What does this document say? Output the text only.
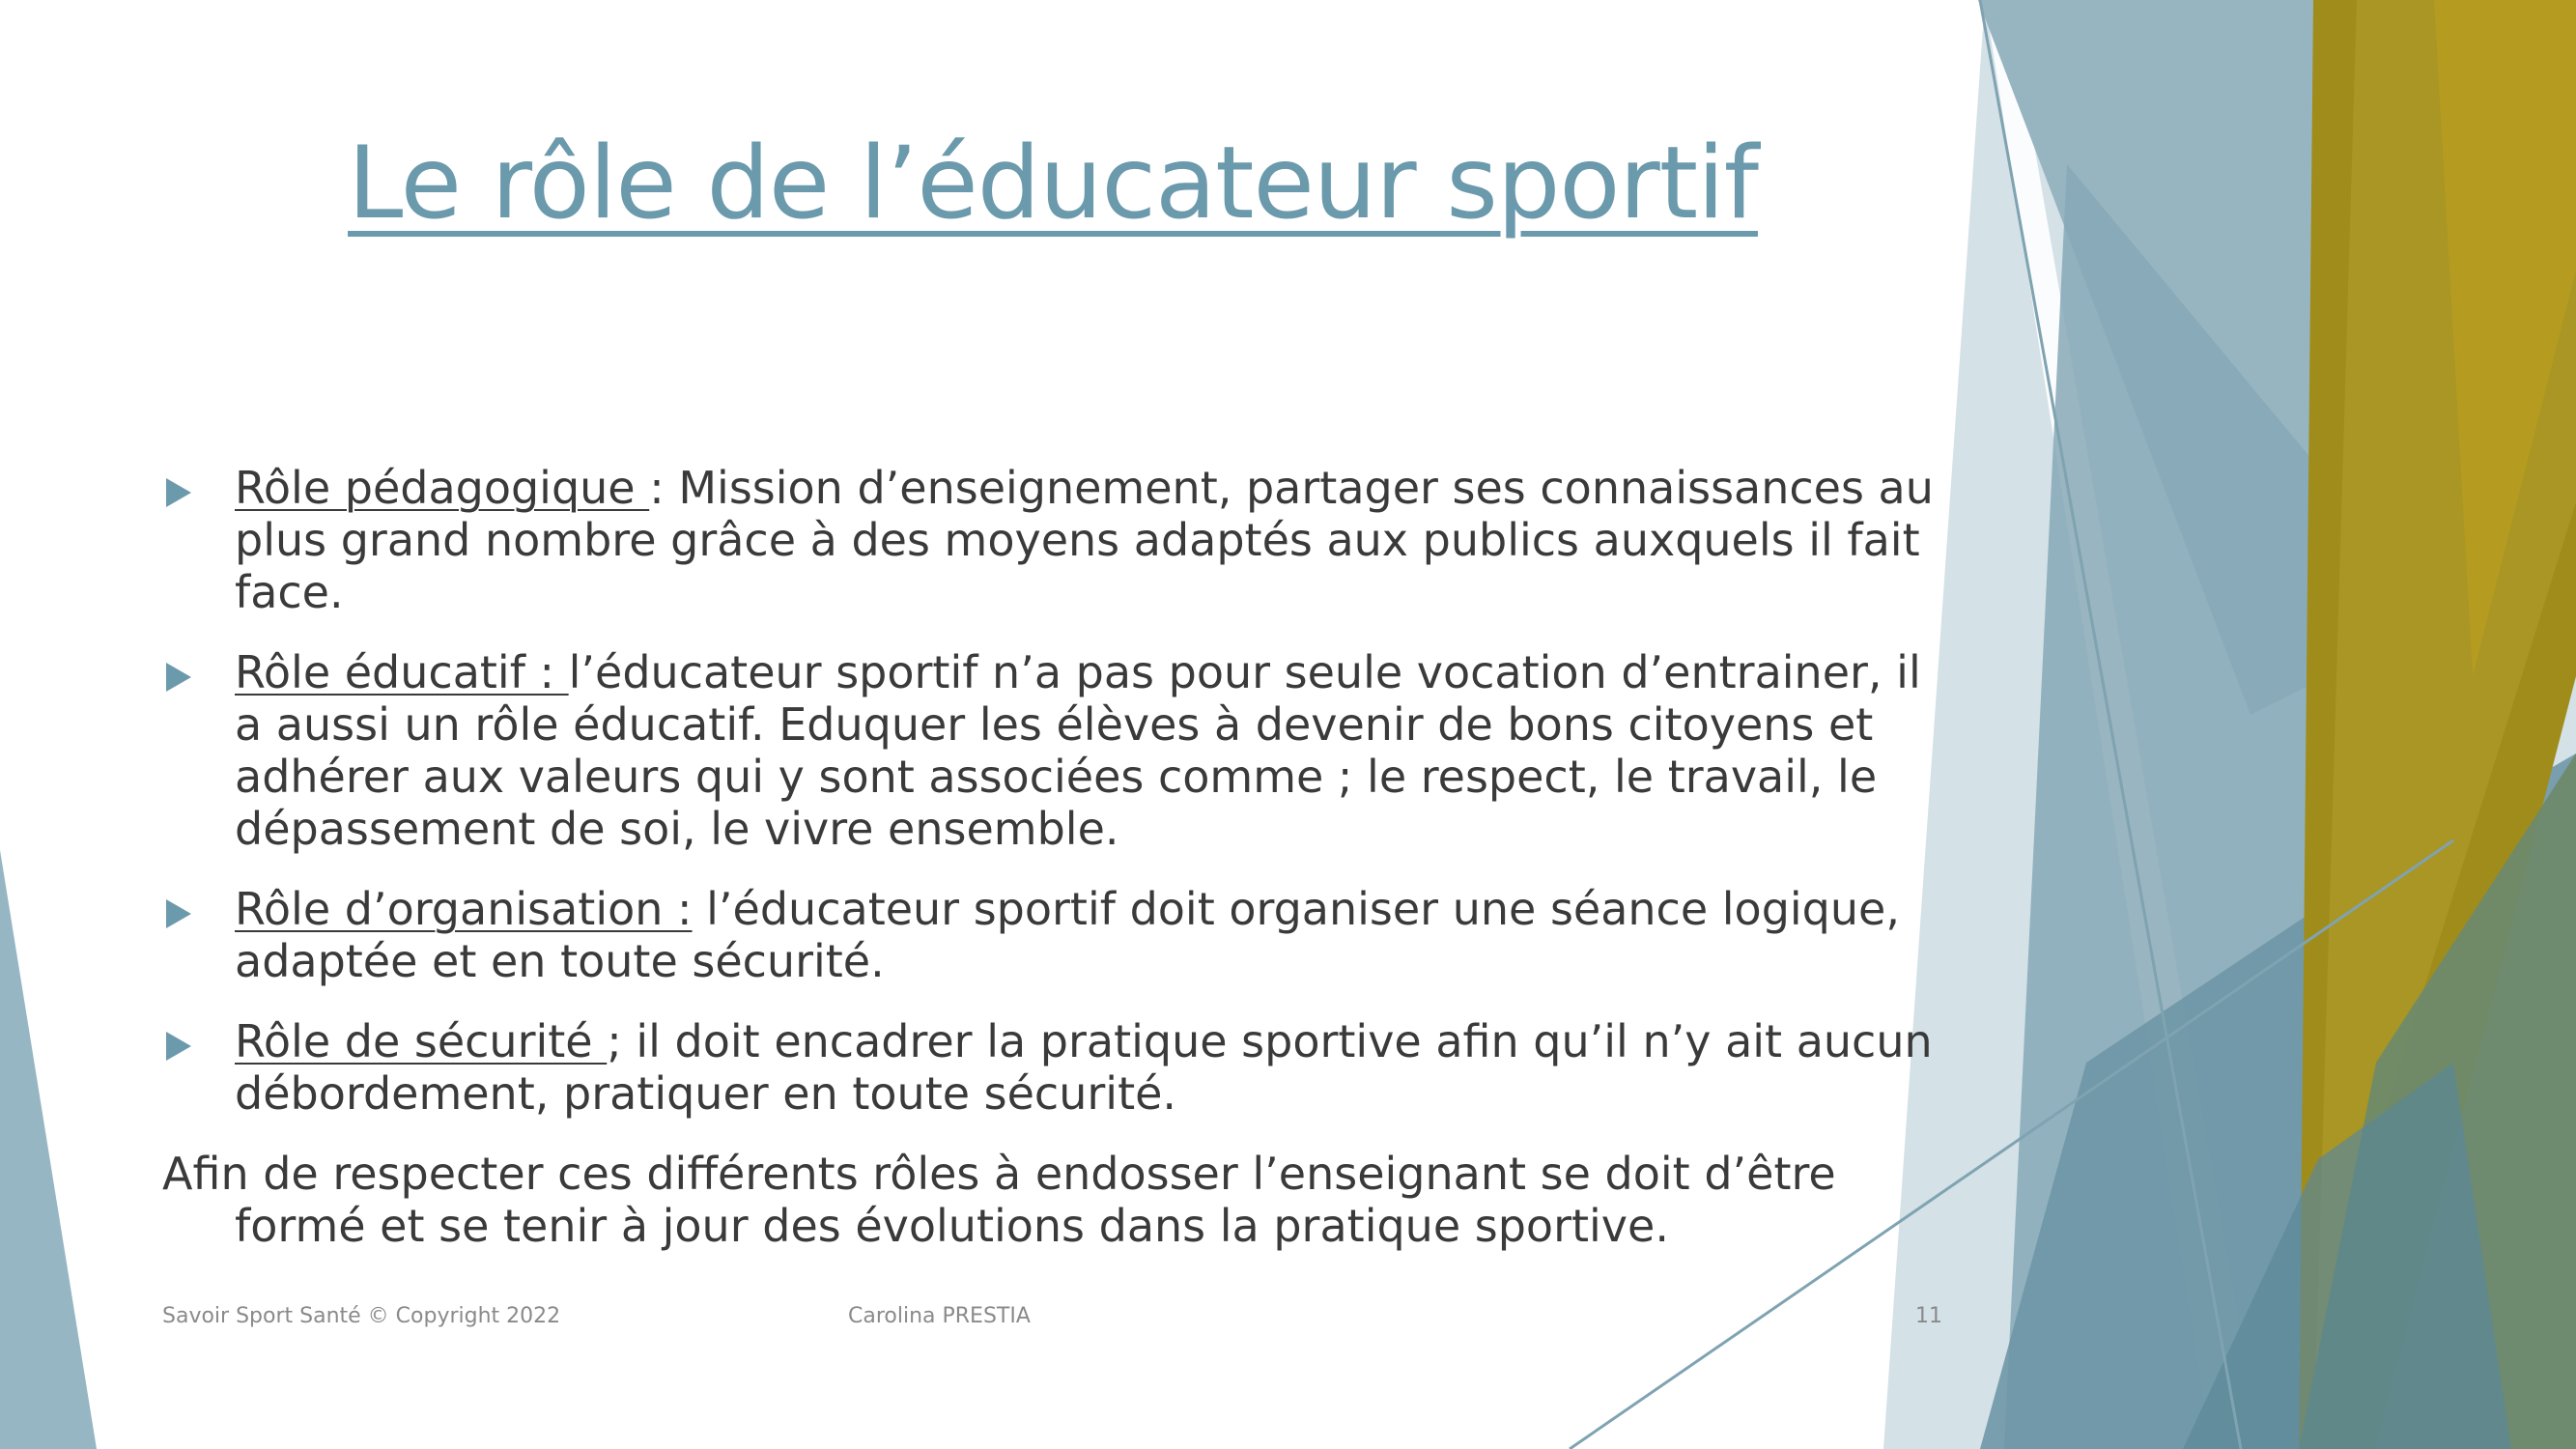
Le rôle de l’éducateur sportif
Rôle pédagogique : Mission d’enseignement, partager ses connaissances au plus grand nombre grâce à des moyens adaptés aux publics auxquels il fait face.
Rôle éducatif : l’éducateur sportif n’a pas pour seule vocation d’entrainer, il a aussi un rôle éducatif. Eduquer les élèves à devenir de bons citoyens et adhérer aux valeurs qui y sont associées comme ; le respect, le travail, le dépassement de soi, le vivre ensemble.
Rôle d’organisation : l’éducateur sportif doit organiser une séance logique, adaptée et en toute sécurité.
Rôle de sécurité ; il doit encadrer la pratique sportive afin qu’il n’y ait aucun débordement, pratiquer en toute sécurité.
Afin de respecter ces différents rôles à endosser l’enseignant se doit d’être formé et se tenir à jour des évolutions dans la pratique sportive.
Savoir Sport Santé © Copyright 2022	Carolina PRESTIA	11
